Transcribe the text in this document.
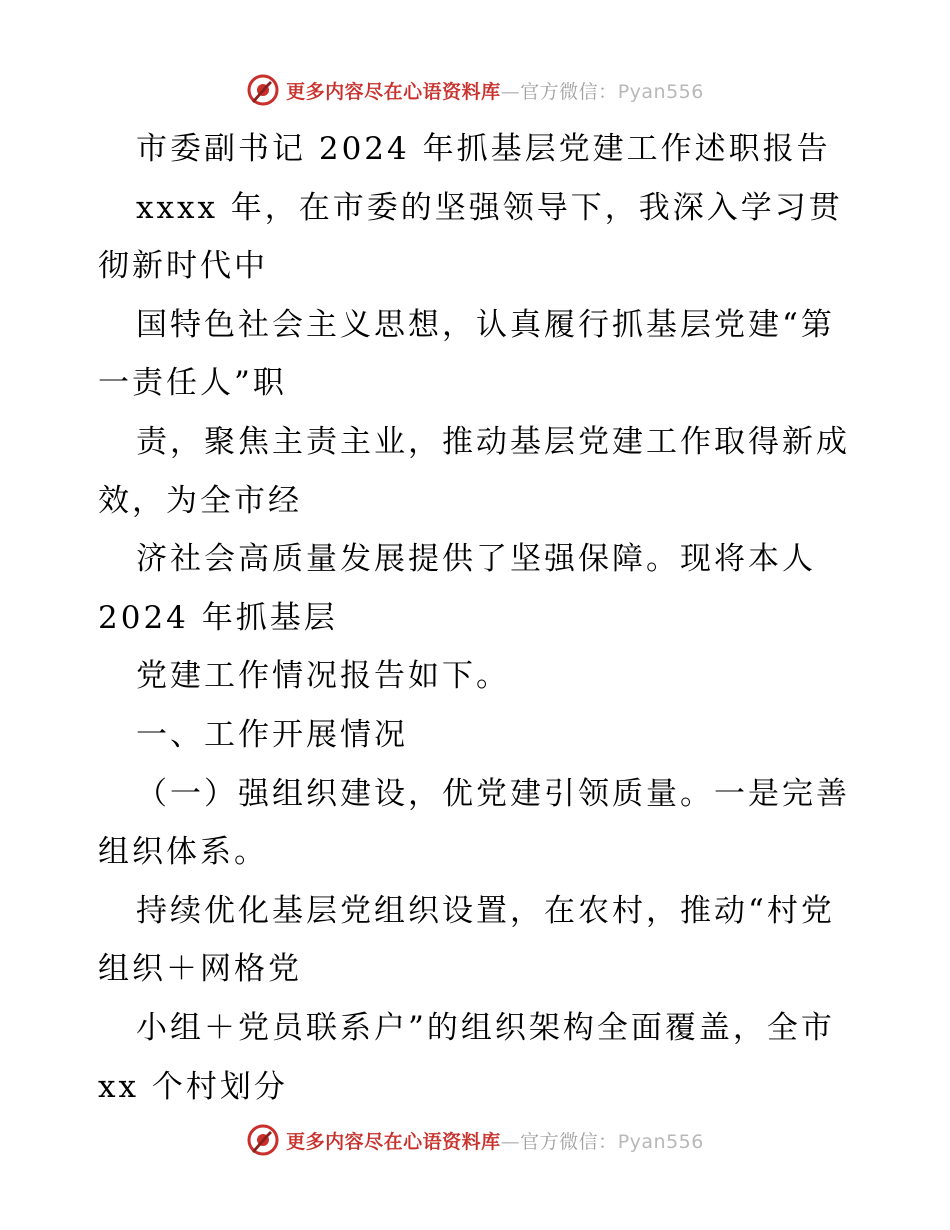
更多内容尽在心语资料库—官方微信：Pyan556
市委副书记 2024 年抓基层党建工作述职报告
xxxx 年，在市委的坚强领导下，我深入学习贯
彻新时代中
国特色社会主义思想，认真履行抓基层党建“第
一责任人”职
责，聚焦主责主业，推动基层党建工作取得新成
效，为全市经
济社会高质量发展提供了坚强保障。现将本人
2024 年抓基层
党建工作情况报告如下。
一、工作开展情况
（一）强组织建设，优党建引领质量。一是完善
组织体系。
持续优化基层党组织设置，在农村，推动“村党
组织＋网格党
小组＋党员联系户”的组织架构全面覆盖，全市
xx 个村划分
更多内容尽在心语资料库—官方微信：Pyan556
